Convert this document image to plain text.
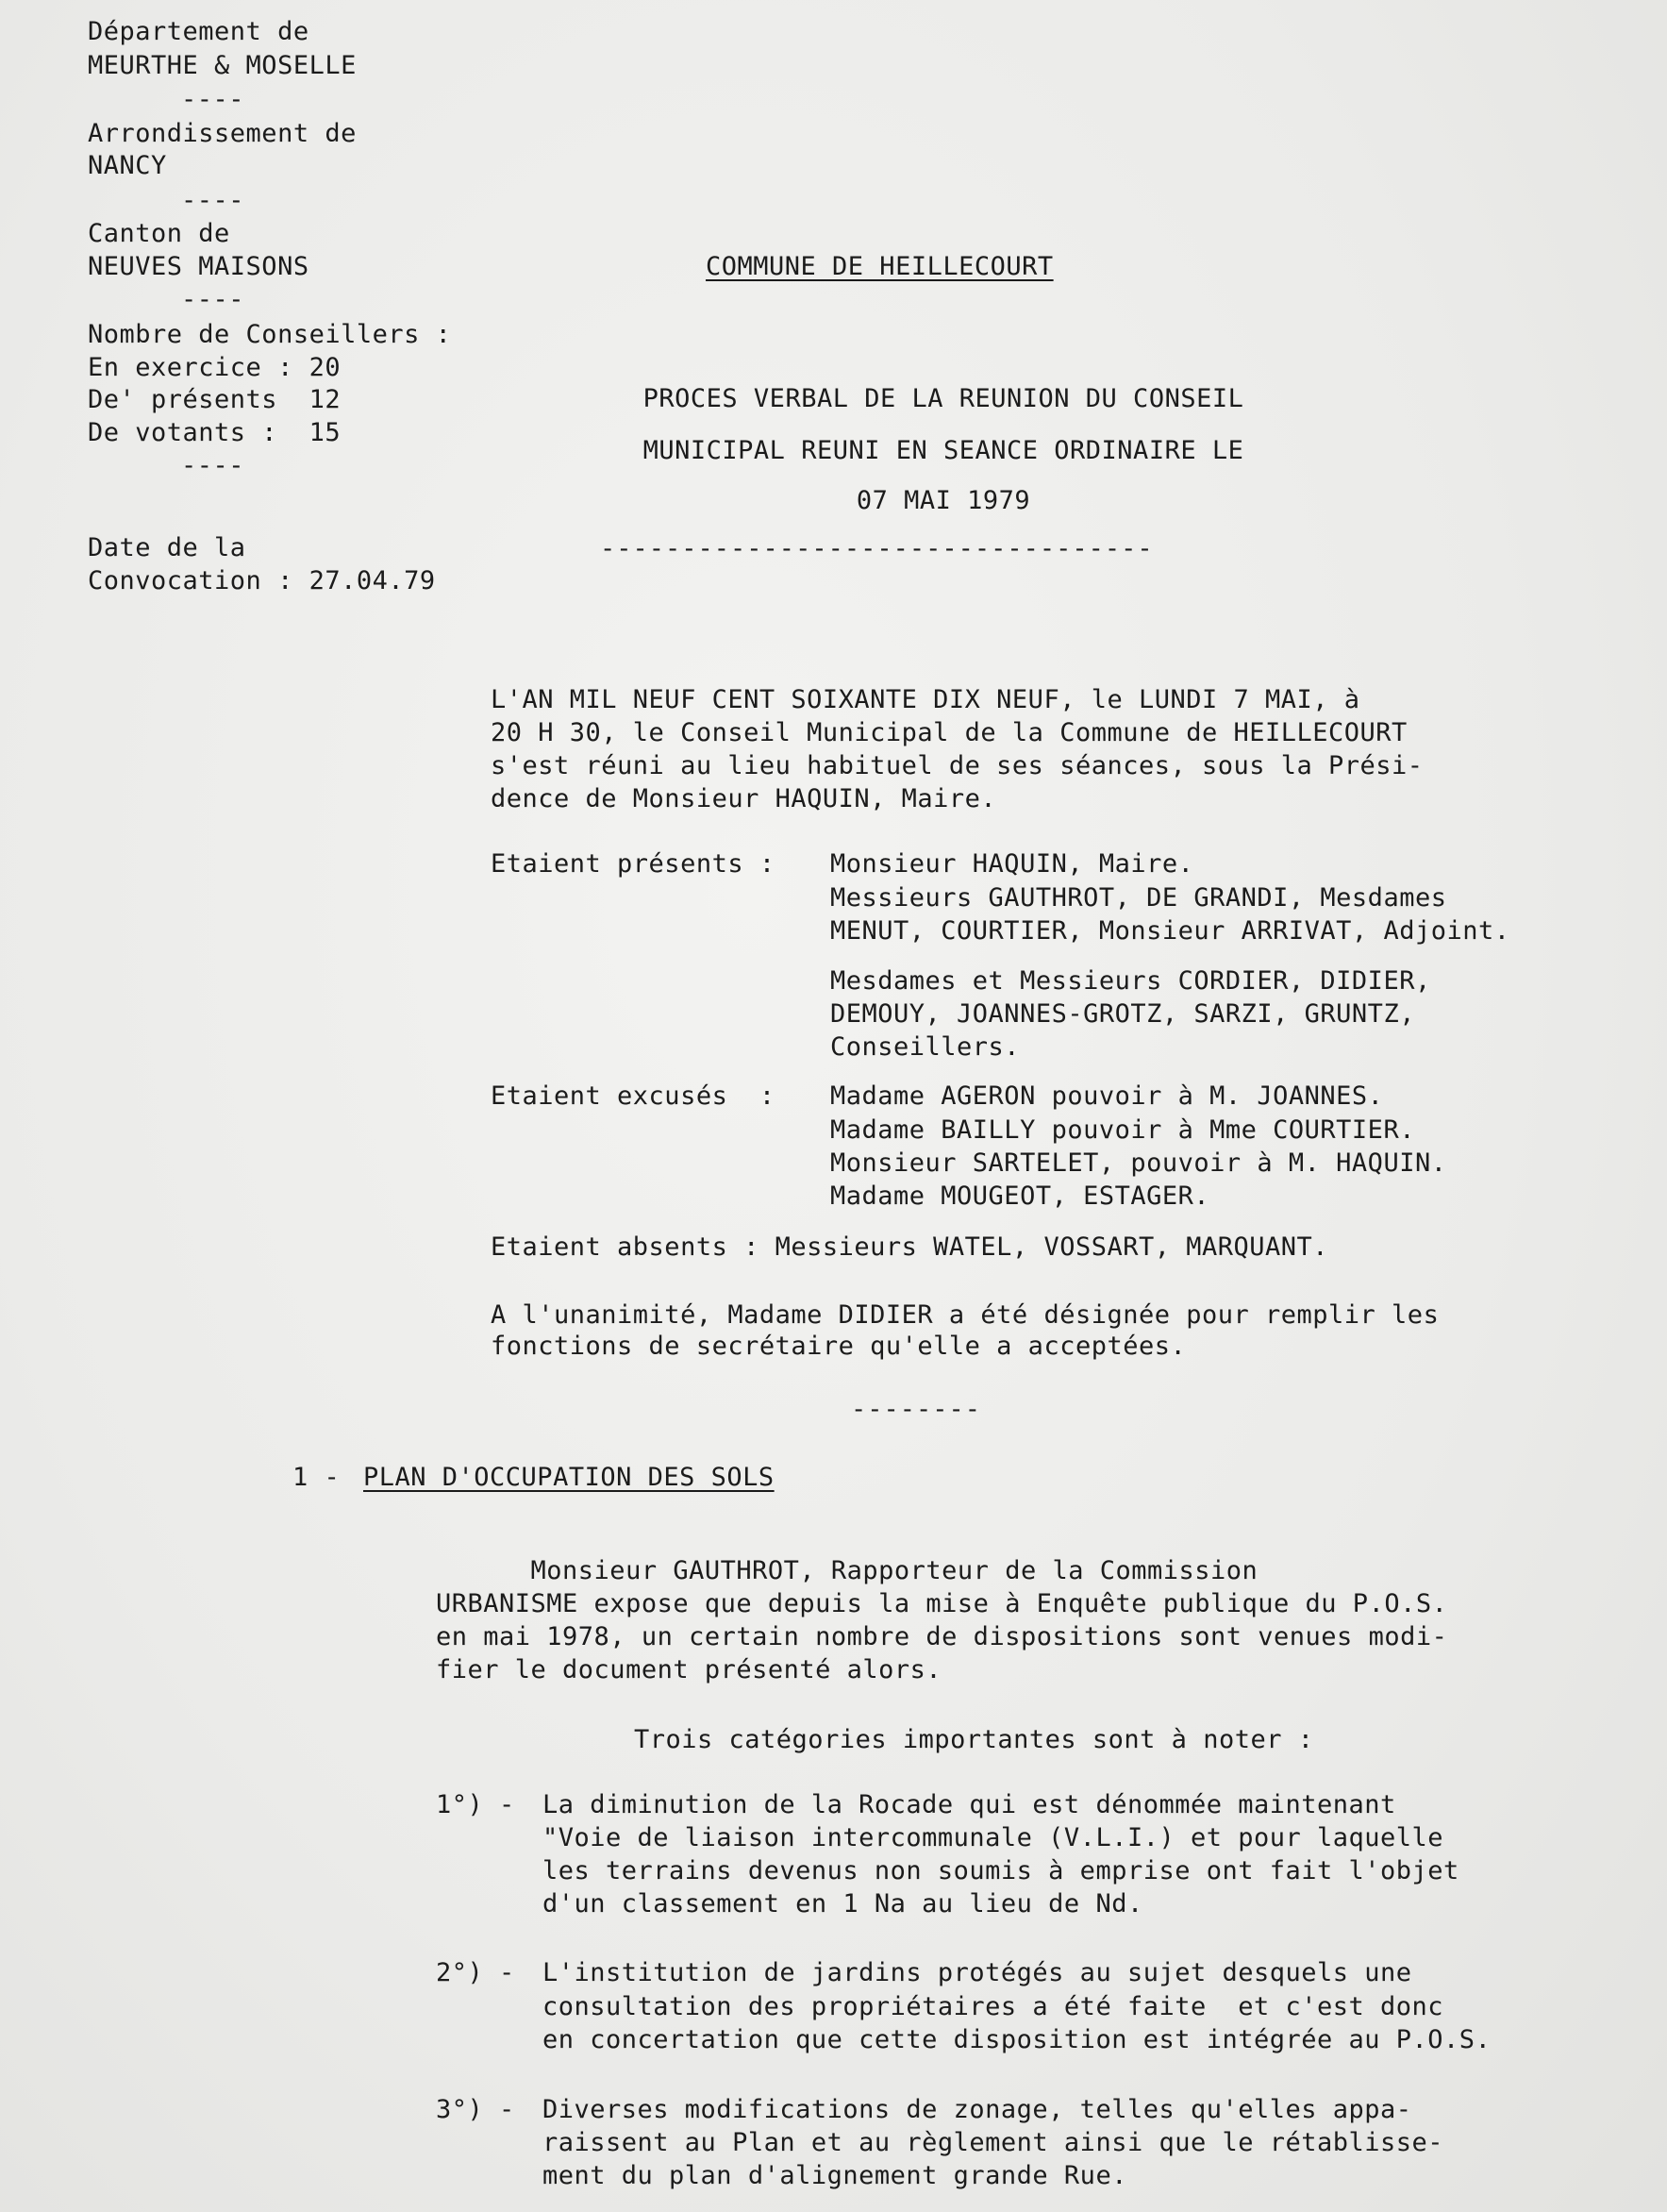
Département de
MEURTHE & MOSELLE
----
Arrondissement de
NANCY
----
Canton de
NEUVES MAISONS
----
Nombre de Conseillers :
En exercice : 20
De' présents  12
De votants :  15
----
Date de la
Convocation : 27.04.79
COMMUNE DE HEILLECOURT
PROCES VERBAL DE LA REUNION DU CONSEIL
MUNICIPAL REUNI EN SEANCE ORDINAIRE LE
07 MAI 1979
----------------------------------
L'AN MIL NEUF CENT SOIXANTE DIX NEUF, le LUNDI 7 MAI, à
20 H 30, le Conseil Municipal de la Commune de HEILLECOURT
s'est réuni au lieu habituel de ses séances, sous la Prési-
dence de Monsieur HAQUIN, Maire.
Etaient présents : Monsieur HAQUIN, Maire.
Messieurs GAUTHROT, DE GRANDI, Mesdames
MENUT, COURTIER, Monsieur ARRIVAT, Adjoint.
Mesdames et Messieurs CORDIER, DIDIER,
DEMOUY, JOANNES-GROTZ, SARZI, GRUNTZ,
Conseillers.
Etaient excusés  : Madame AGERON pouvoir à M. JOANNES.
Madame BAILLY pouvoir à Mme COURTIER.
Monsieur SARTELET, pouvoir à M. HAQUIN.
Madame MOUGEOT, ESTAGER.
Etaient absents : Messieurs WATEL, VOSSART, MARQUANT.
A l'unanimité, Madame DIDIER a été désignée pour remplir les
fonctions de secrétaire qu'elle a acceptées.
--------
1 - PLAN D'OCCUPATION DES SOLS
Monsieur GAUTHROT, Rapporteur de la Commission
URBANISME expose que depuis la mise à Enquête publique du P.O.S.
en mai 1978, un certain nombre de dispositions sont venues modi-
fier le document présenté alors.
Trois catégories importantes sont à noter :
1°) - La diminution de la Rocade qui est dénommée maintenant
"Voie de liaison intercommunale (V.L.I.) et pour laquelle
les terrains devenus non soumis à emprise ont fait l'objet
d'un classement en 1 Na au lieu de Nd.
2°) - L'institution de jardins protégés au sujet desquels une
consultation des propriétaires a été faite  et c'est donc
en concertation que cette disposition est intégrée au P.O.S.
3°) - Diverses modifications de zonage, telles qu'elles appa-
raissent au Plan et au règlement ainsi que le rétablisse-
ment du plan d'alignement grande Rue.
